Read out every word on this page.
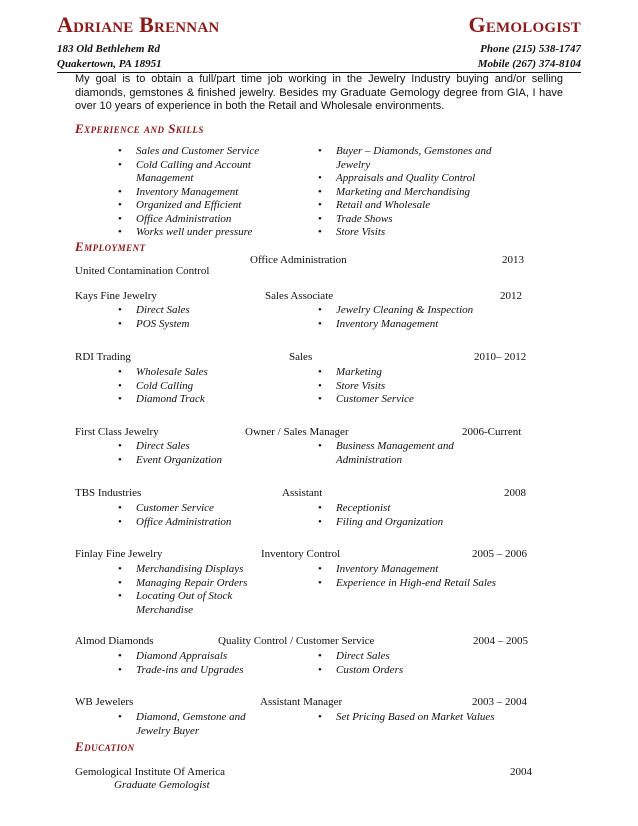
Adriane Brennan	Gemologist
183 Old Bethlehem Rd	Phone (215) 538-1747
Quakertown, PA 18951	Mobile (267) 374-8104

My goal is to obtain a full/part time job working in the Jewelry Industry buying and/or selling diamonds, gemstones & finished jewelry. Besides my Graduate Gemology degree from GIA, I have over 10 years of experience in both the Retail and Wholesale environments.

Experience and Skills
• Sales and Customer Service
• Cold Calling and Account Management
• Inventory Management
• Organized and Efficient
• Office Administration
• Works well under pressure
• Buyer – Diamonds, Gemstones and Jewelry
• Appraisals and Quality Control
• Marketing and Merchandising
• Retail and Wholesale
• Trade Shows
• Store Visits
Employment
Office Administration	2013
United Contamination Control
Kays Fine Jewelry	Sales Associate	2012
• Direct Sales
• POS System
• Jewelry Cleaning & Inspection
• Inventory Management
RDI Trading	Sales	2010– 2012
• Wholesale Sales
• Cold Calling
• Diamond Track
• Marketing
• Store Visits
• Customer Service
First Class Jewelry	Owner / Sales Manager	2006-Current
• Direct Sales
• Event Organization
• Business Management and Administration
TBS Industries	Assistant	2008
• Customer Service
• Office Administration
• Receptionist
• Filing and Organization
Finlay Fine Jewelry	Inventory Control	2005 – 2006
• Merchandising Displays
• Managing Repair Orders
• Locating Out of Stock Merchandise
• Inventory Management
• Experience in High-end Retail Sales
Almod Diamonds	Quality Control / Customer Service	2004 – 2005
• Diamond Appraisals
• Trade-ins and Upgrades
• Direct Sales
• Custom Orders
WB Jewelers	Assistant Manager	2003 – 2004
• Diamond, Gemstone and Jewelry Buyer
• Set Pricing Based on Market Values
Education
Gemological Institute Of America	2004
Graduate Gemologist
